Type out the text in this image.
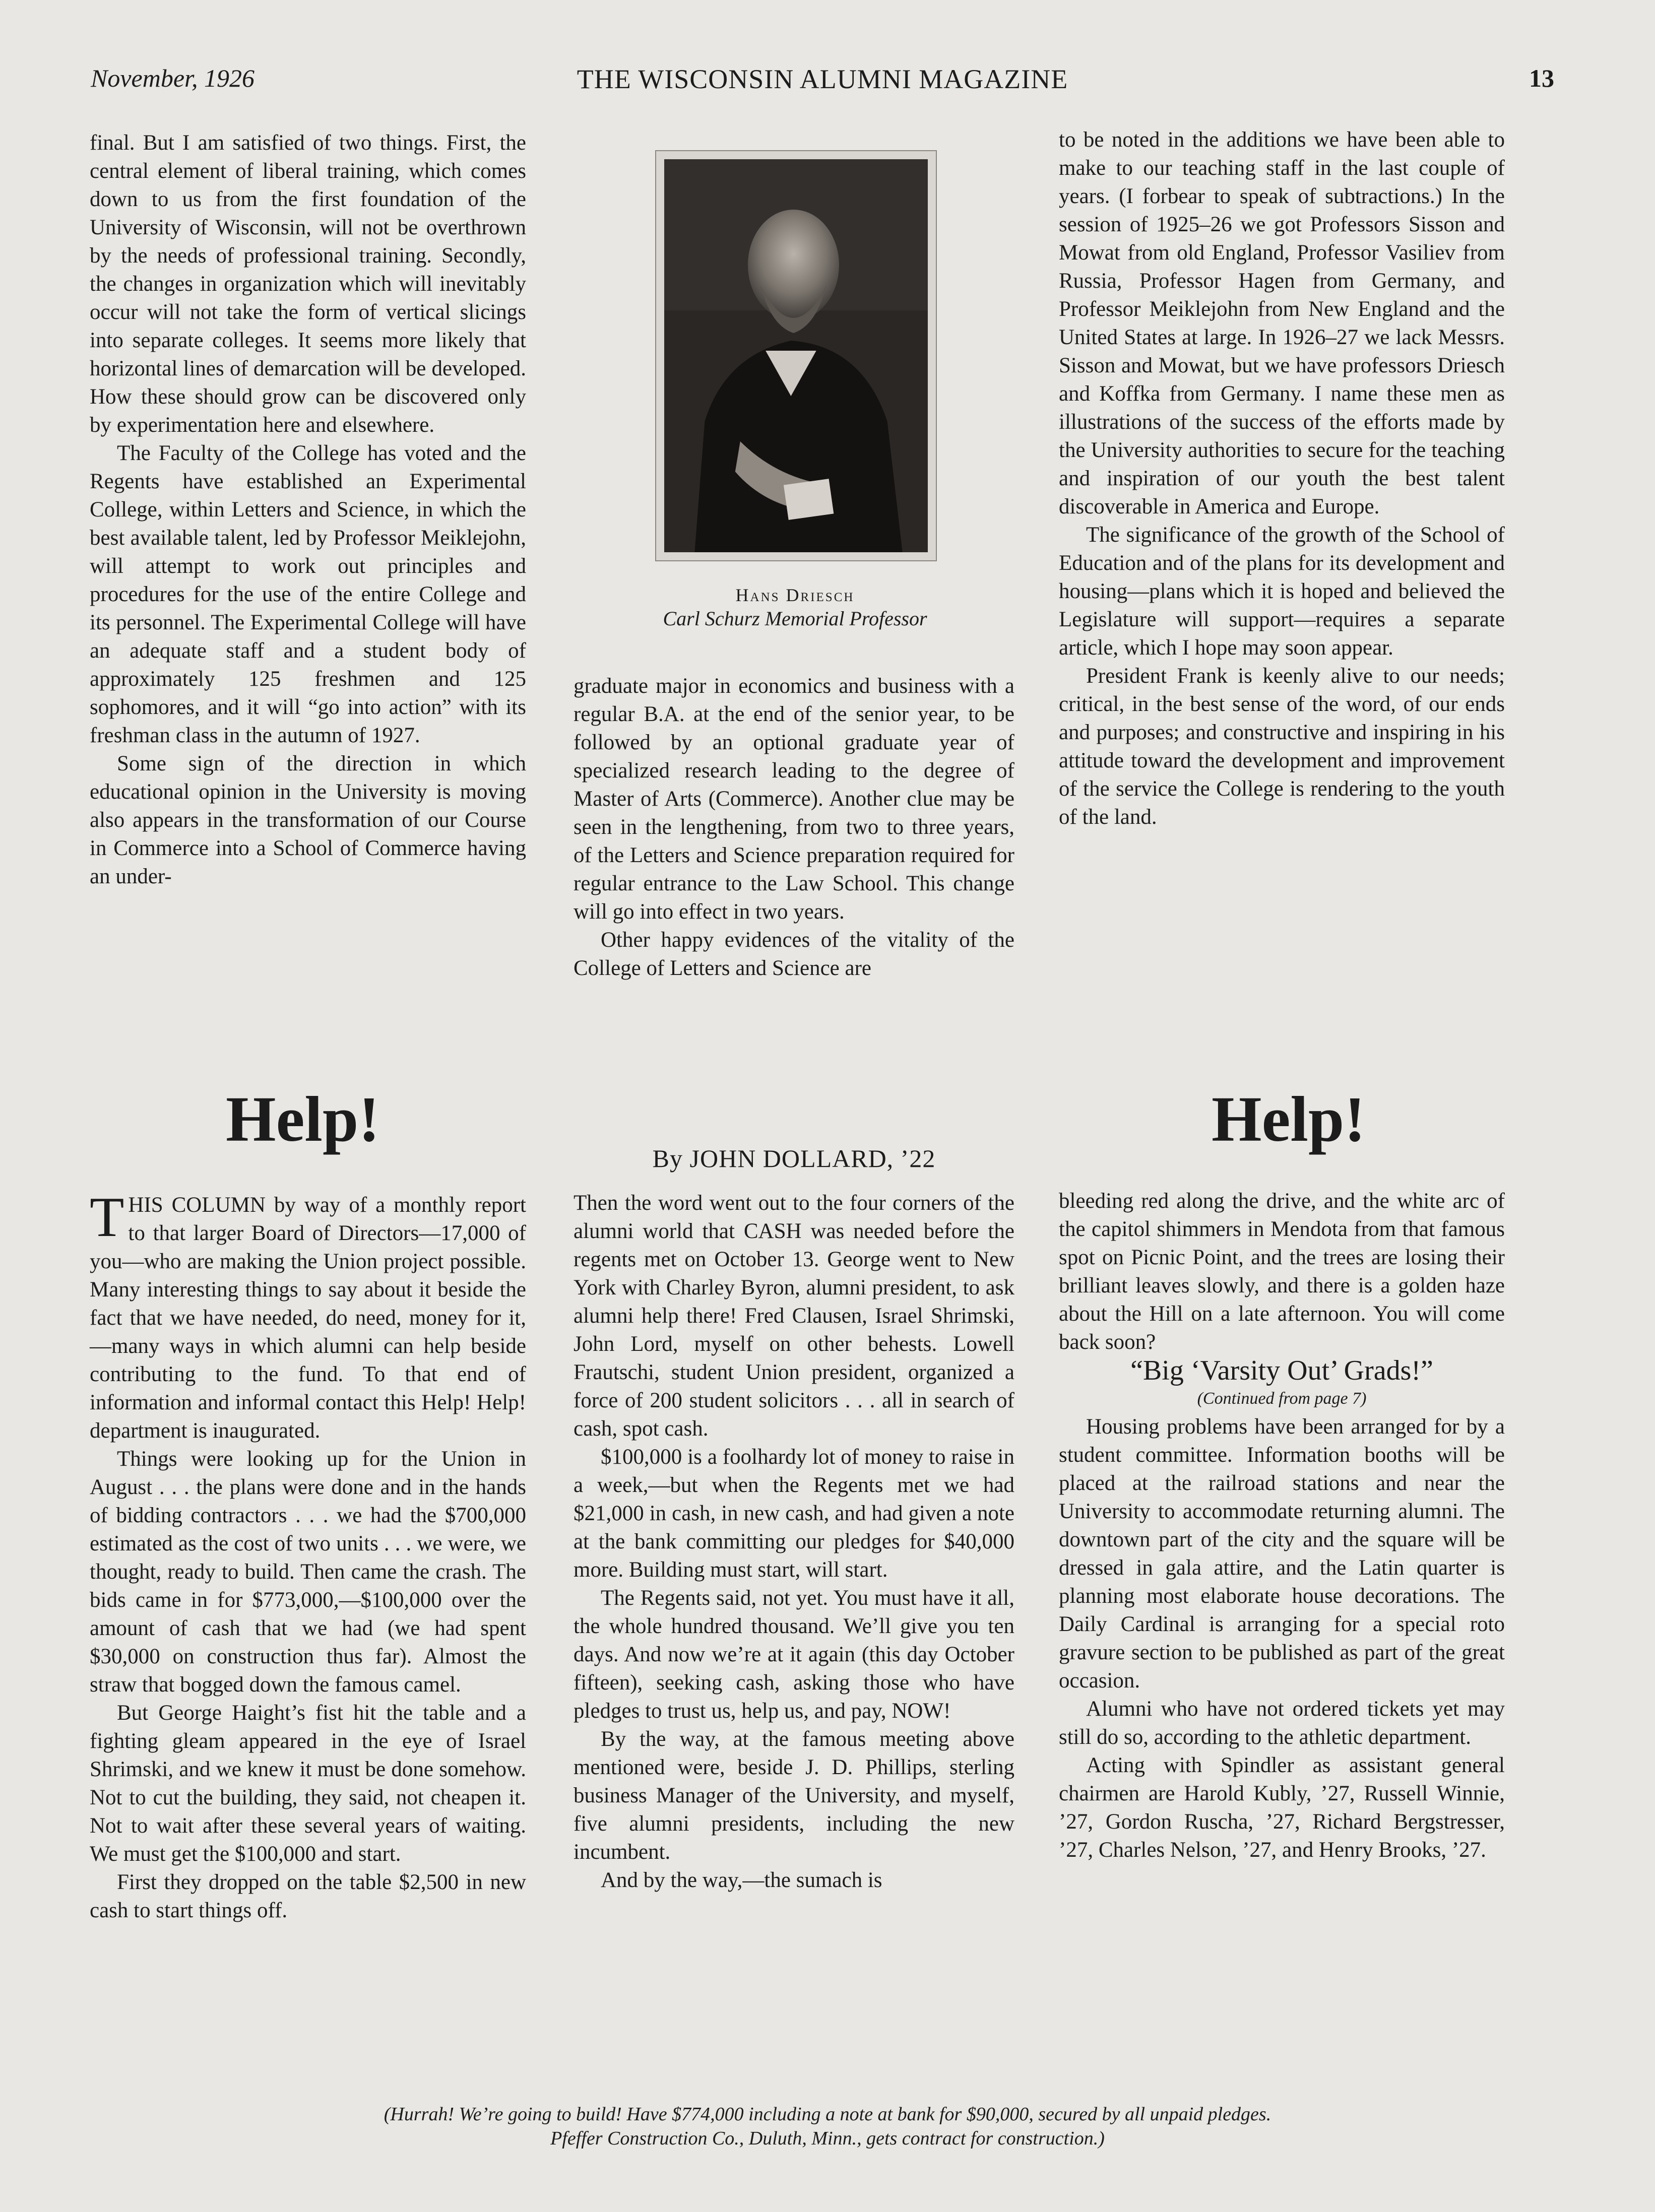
November, 1926	THE WISCONSIN ALUMNI MAGAZINE	13

final. But I am satisfied of two things. First, the central element of liberal training, which comes down to us from the first foundation of the University of Wisconsin, will not be overthrown by the needs of professional training. Secondly, the changes in organization which will inevitably occur will not take the form of vertical slicings into separate colleges. It seems more likely that horizontal lines of demarcation will be developed. How these should grow can be discovered only by experimentation here and elsewhere.

The Faculty of the College has voted and the Regents have established an Experimental College, within Letters and Science, in which the best available talent, led by Professor Meiklejohn, will attempt to work out principles and procedures for the use of the entire College and its personnel. The Experimental College will have an adequate staff and a student body of approximately 125 freshmen and 125 sophomores, and it will “go into action” with its freshman class in the autumn of 1927.

Some sign of the direction in which educational opinion in the University is moving also appears in the transformation of our Course in Commerce into a School of Commerce having an under-

Hans Driesch
Carl Schurz Memorial Professor

graduate major in economics and business with a regular B.A. at the end of the senior year, to be followed by an optional graduate year of specialized research leading to the degree of Master of Arts (Commerce). Another clue may be seen in the lengthening, from two to three years, of the Letters and Science preparation required for regular entrance to the Law School. This change will go into effect in two years.

Other happy evidences of the vitality of the College of Letters and Science are

to be noted in the additions we have been able to make to our teaching staff in the last couple of years. (I forbear to speak of subtractions.) In the session of 1925–26 we got Professors Sisson and Mowat from old England, Professor Vasiliev from Russia, Professor Hagen from Germany, and Professor Meiklejohn from New England and the United States at large. In 1926–27 we lack Messrs. Sisson and Mowat, but we have professors Driesch and Koffka from Germany. I name these men as illustrations of the success of the efforts made by the University authorities to secure for the teaching and inspiration of our youth the best talent discoverable in America and Europe.

The significance of the growth of the School of Education and of the plans for its development and housing—plans which it is hoped and believed the Legislature will support—requires a separate article, which I hope may soon appear.

President Frank is keenly alive to our needs; critical, in the best sense of the word, of our ends and purposes; and constructive and inspiring in his attitude toward the development and improvement of the service the College is rendering to the youth of the land.

Help!	Help!
By JOHN DOLLARD, ’22

THIS COLUMN by way of a monthly report to that larger Board of Directors—17,000 of you—who are making the Union project possible. Many interesting things to say about it beside the fact that we have needed, do need, money for it,—many ways in which alumni can help beside contributing to the fund. To that end of information and informal contact this Help! Help! department is inaugurated.

Things were looking up for the Union in August . . . the plans were done and in the hands of bidding contractors . . . we had the $700,000 estimated as the cost of two units . . . we were, we thought, ready to build. Then came the crash. The bids came in for $773,000,—$100,000 over the amount of cash that we had (we had spent $30,000 on construction thus far). Almost the straw that bogged down the famous camel.

But George Haight’s fist hit the table and a fighting gleam appeared in the eye of Israel Shrimski, and we knew it must be done somehow. Not to cut the building, they said, not cheapen it. Not to wait after these several years of waiting. We must get the $100,000 and start.

First they dropped on the table $2,500 in new cash to start things off.

Then the word went out to the four corners of the alumni world that CASH was needed before the regents met on October 13. George went to New York with Charley Byron, alumni president, to ask alumni help there! Fred Clausen, Israel Shrimski, John Lord, myself on other behests. Lowell Frautschi, student Union president, organized a force of 200 student solicitors . . . all in search of cash, spot cash.

$100,000 is a foolhardy lot of money to raise in a week,—but when the Regents met we had $21,000 in cash, in new cash, and had given a note at the bank committing our pledges for $40,000 more. Building must start, will start.

The Regents said, not yet. You must have it all, the whole hundred thousand. We’ll give you ten days. And now we’re at it again (this day October fifteen), seeking cash, asking those who have pledges to trust us, help us, and pay, NOW!

By the way, at the famous meeting above mentioned were, beside J. D. Phillips, sterling business Manager of the University, and myself, five alumni presidents, including the new incumbent.

And by the way,—the sumach is

bleeding red along the drive, and the white arc of the capitol shimmers in Mendota from that famous spot on Picnic Point, and the trees are losing their brilliant leaves slowly, and there is a golden haze about the Hill on a late afternoon. You will come back soon?

“Big ‘Varsity Out’ Grads!”

(Continued from page 7)

Housing problems have been arranged for by a student committee. Information booths will be placed at the railroad stations and near the University to accommodate returning alumni. The downtown part of the city and the square will be dressed in gala attire, and the Latin quarter is planning most elaborate house decorations. The Daily Cardinal is arranging for a special roto gravure section to be published as part of the great occasion.

Alumni who have not ordered tickets yet may still do so, according to the athletic department.

Acting with Spindler as assistant general chairmen are Harold Kubly, ’27, Russell Winnie, ’27, Gordon Ruscha, ’27, Richard Bergstresser, ’27, Charles Nelson, ’27, and Henry Brooks, ’27.

(Hurrah! We’re going to build! Have $774,000 including a note at bank for $90,000, secured by all unpaid pledges.
Pfeffer Construction Co., Duluth, Minn., gets contract for construction.)
